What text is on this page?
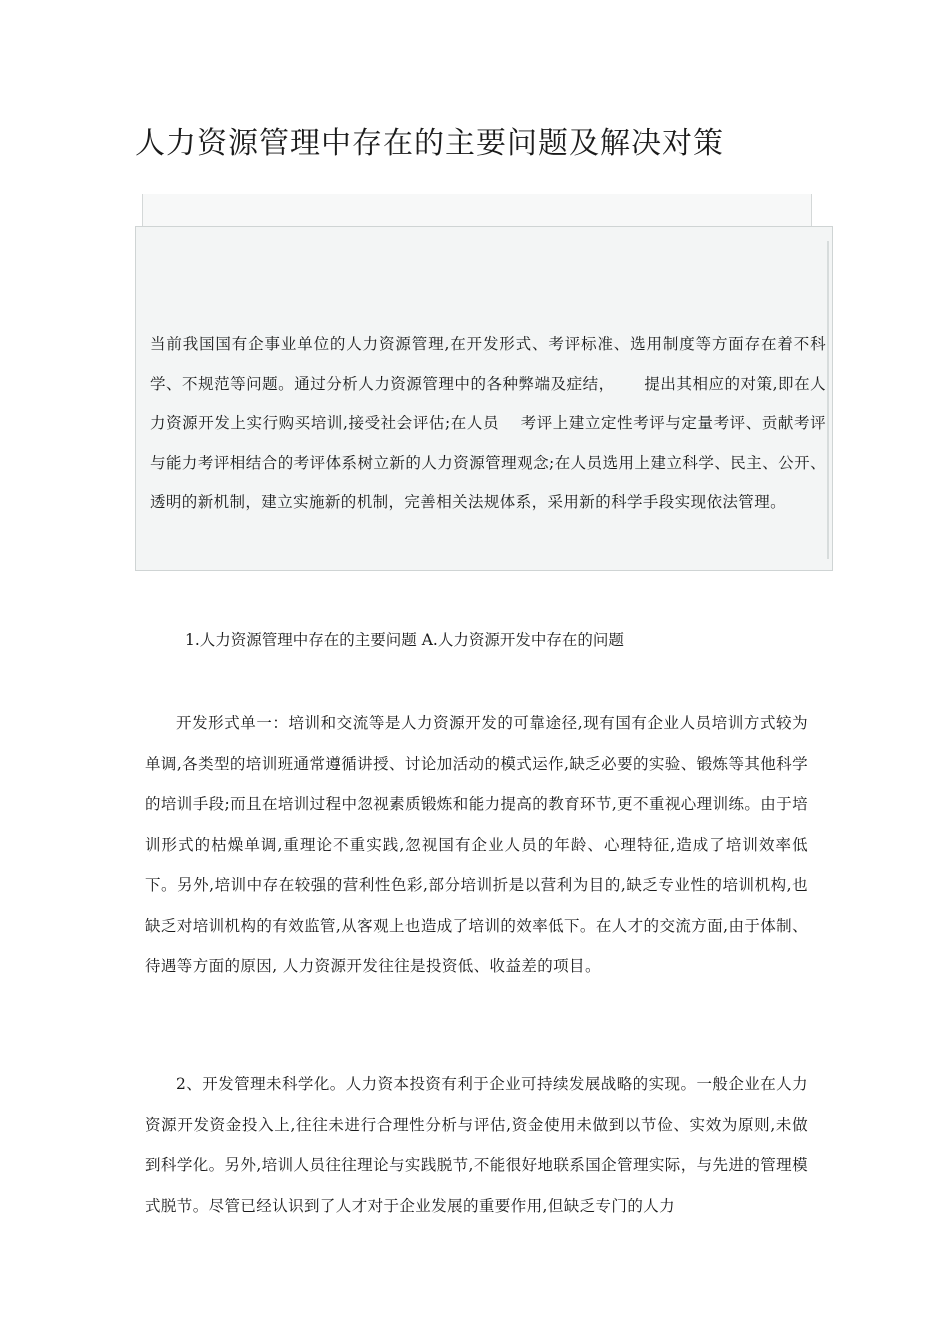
人力资源管理中存在的主要问题及解决对策

当前我国国有企事业单位的人力资源管理,在开发形式、考评标准、选用制度等方面存在着不科学、不规范等问题。通过分析人力资源管理中的各种弊端及症结，　　 提出其相应的对策,即在人力资源开发上实行购买培训,接受社会评估;在人员　 考评上建立定性考评与定量考评、贡献考评与能力考评相结合的考评体系树立新的人力资源管理观念;在人员选用上建立科学、民主、公开、透明的新机制，建立实施新的机制，完善相关法规体系，采用新的科学手段实现依法管理。

1.人力资源管理中存在的主要问题 A.人力资源开发中存在的问题

开发形式单一：培训和交流等是人力资源开发的可靠途径,现有国有企业人员培训方式较为单调,各类型的培训班通常遵循讲授、讨论加活动的模式运作,缺乏必要的实验、锻炼等其他科学的培训手段;而且在培训过程中忽视素质锻炼和能力提高的教育环节,更不重视心理训练。由于培训形式的枯燥单调,重理论不重实践,忽视国有企业人员的年龄、心理特征,造成了培训效率低下。另外,培训中存在较强的营利性色彩,部分培训折是以营利为目的,缺乏专业性的培训机构,也缺乏对培训机构的有效监管,从客观上也造成了培训的效率低下。在人才的交流方面,由于体制、待遇等方面的原因, 人力资源开发往往是投资低、收益差的项目。

2、开发管理未科学化。人力资本投资有利于企业可持续发展战略的实现。一般企业在人力资源开发资金投入上,往往未进行合理性分析与评估,资金使用未做到以节俭、实效为原则,未做到科学化。另外,培训人员往往理论与实践脱节,不能很好地联系国企管理实际，与先进的管理模式脱节。尽管已经认识到了人才对于企业发展的重要作用,但缺乏专门的人力
